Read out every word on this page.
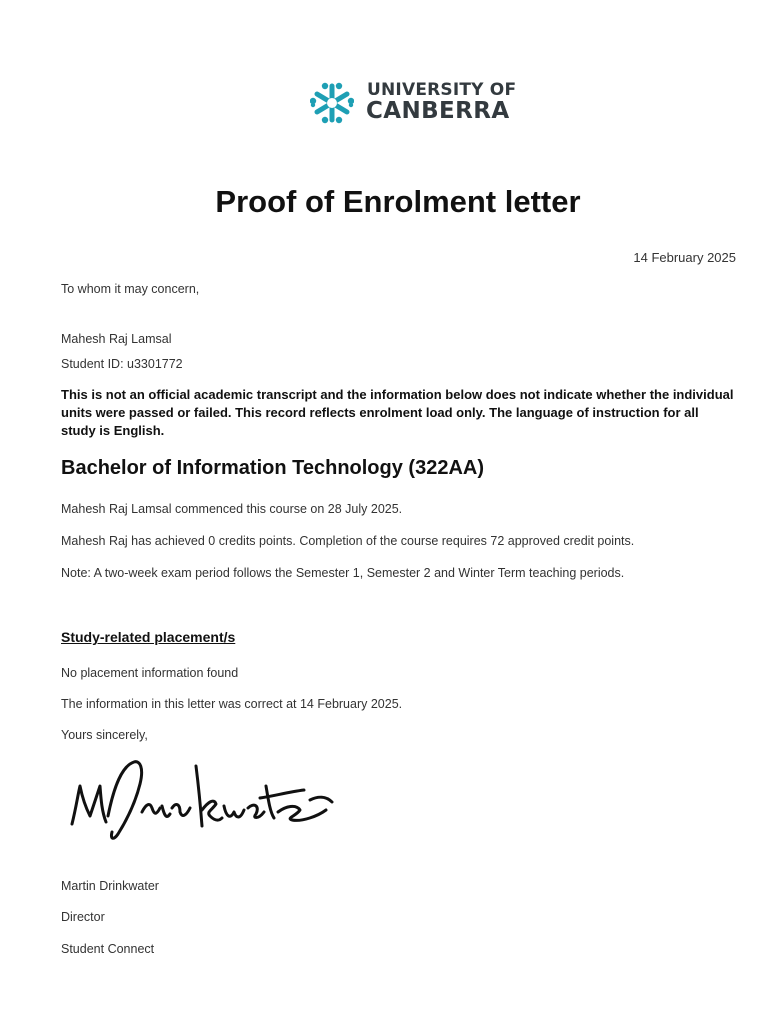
UNIVERSITY OF
CANBERRA
Proof of Enrolment letter
14 February 2025
To whom it may concern,
Mahesh Raj Lamsal
Student ID: u3301772
This is not an official academic transcript and the information below does not indicate whether the individual units were passed or failed. This record reflects enrolment load only. The language of instruction for all study is English.
Bachelor of Information Technology (322AA)
Mahesh Raj Lamsal commenced this course on 28 July 2025.
Mahesh Raj has achieved 0 credits points. Completion of the course requires 72 approved credit points.
Note: A two-week exam period follows the Semester 1, Semester 2 and Winter Term teaching periods.
Study-related placement/s
No placement information found
The information in this letter was correct at 14 February 2025.
Yours sincerely,
Martin Drinkwater
Director
Student Connect
